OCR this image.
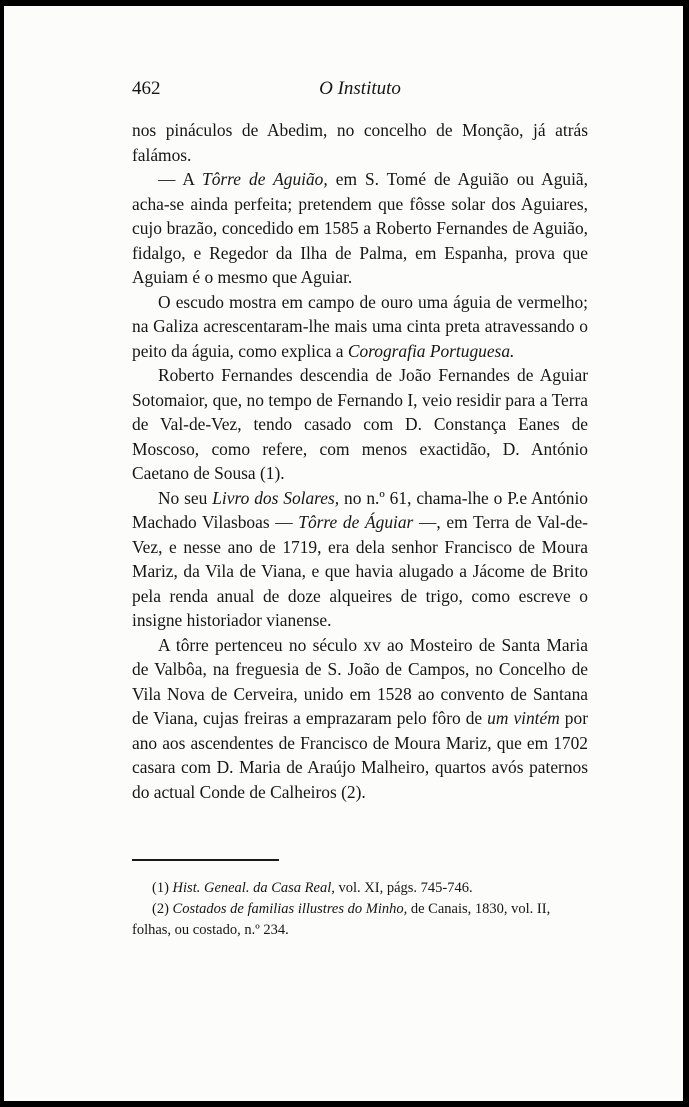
462	O Instituto

nos pináculos de Abedim, no concelho de Monção, já atrás falámos.

— A Tôrre de Aguião, em S. Tomé de Aguião ou Aguiã, acha-se ainda perfeita; pretendem que fôsse solar dos Aguiares, cujo brazão, concedido em 1585 a Roberto Fernandes de Aguião, fidalgo, e Regedor da Ilha de Palma, em Espanha, prova que Aguiam é o mesmo que Aguiar.

O escudo mostra em campo de ouro uma águia de vermelho; na Galiza acrescentaram-lhe mais uma cinta preta atravessando o peito da águia, como explica a Corografia Portuguesa.

Roberto Fernandes descendia de João Fernandes de Aguiar Sotomaior, que, no tempo de Fernando I, veio residir para a Terra de Val-de-Vez, tendo casado com D. Constança Eanes de Moscoso, como refere, com menos exactidão, D. António Caetano de Sousa (1).

No seu Livro dos Solares, no n.º 61, chama-lhe o P.e António Machado Vilasboas — Tôrre de Águiar —, em Terra de Val-de-Vez, e nesse ano de 1719, era dela senhor Francisco de Moura Mariz, da Vila de Viana, e que havia alugado a Jácome de Brito pela renda anual de doze alqueires de trigo, como escreve o insigne historiador vianense.

A tôrre pertenceu no século xv ao Mosteiro de Santa Maria de Valbôa, na freguesia de S. João de Campos, no Concelho de Vila Nova de Cerveira, unido em 1528 ao convento de Santana de Viana, cujas freiras a emprazaram pelo fôro de um vintém por ano aos ascendentes de Francisco de Moura Mariz, que em 1702 casara com D. Maria de Araújo Malheiro, quartos avós paternos do actual Conde de Calheiros (2).

(1) Hist. Geneal. da Casa Real, vol. XI, págs. 745-746.

(2) Costados de familias illustres do Minho, de Canais, 1830, vol. II, folhas, ou costado, n.º 234.
